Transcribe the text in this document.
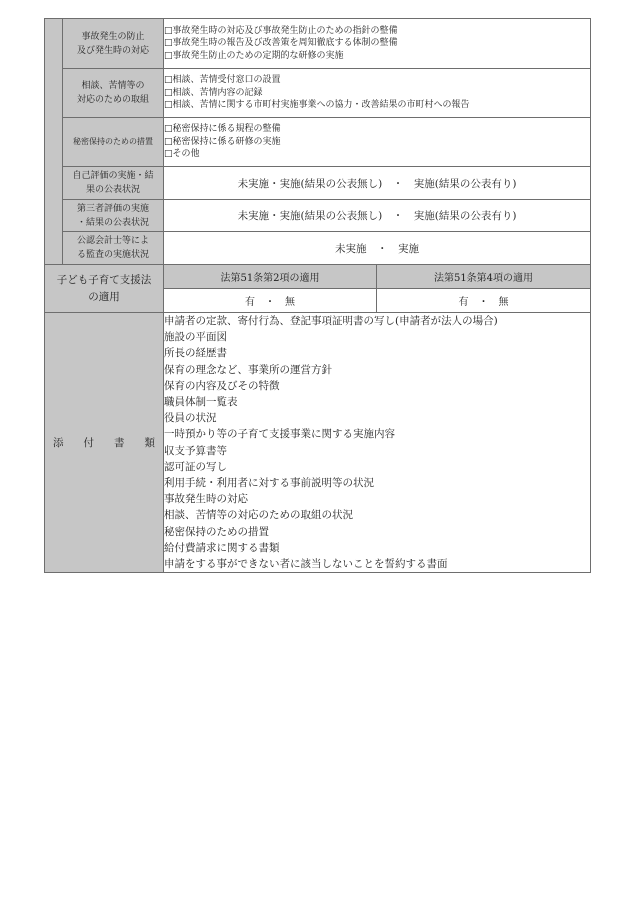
事故発生の防止
及び発生時の対応

□事故発生時の対応及び事故発生防止のための指針の整備
□事故発生時の報告及び改善策を周知徹底する体制の整備
□事故発生防止のための定期的な研修の実施

相談、苦情等の
対応のための取組

□相談、苦情受付窓口の設置
□相談、苦情内容の記録
□相談、苦情に関する市町村実施事業への協力・改善結果の市町村への報告

	秘密保持のための措置	□秘密保持に係る規程の整備
□秘密保持に係る研修の実施
□その他	

	自己評価の実施・結
果の公表状況	未実施・実施(結果の公表無し)　・　実施(結果の公表有り)	

	第三者評価の実施
・結果の公表状況	未実施・実施(結果の公表無し)　・　実施(結果の公表有り)	

	公認会計士等によ
る監査の実施状況	未実施　・　実施	

子ども子育て支援法
の適用		法第51条第2項の適用	法第51条第4項の適用
		有　・　無	有　・　無

添 付 書 類

申請者の定款、寄付行為、登記事項証明書の写し(申請者が法人の場合)
施設の平面図
所長の経歴書
保育の理念など、事業所の運営方針
保育の内容及びその特徴
職員体制一覧表
役員の状況
一時預かり等の子育て支援事業に関する実施内容
収支予算書等
認可証の写し
利用手続・利用者に対する事前説明等の状況
事故発生時の対応
相談、苦情等の対応のための取組の状況
秘密保持のための措置
給付費請求に関する書類
申請をする事ができない者に該当しないことを誓約する書面
